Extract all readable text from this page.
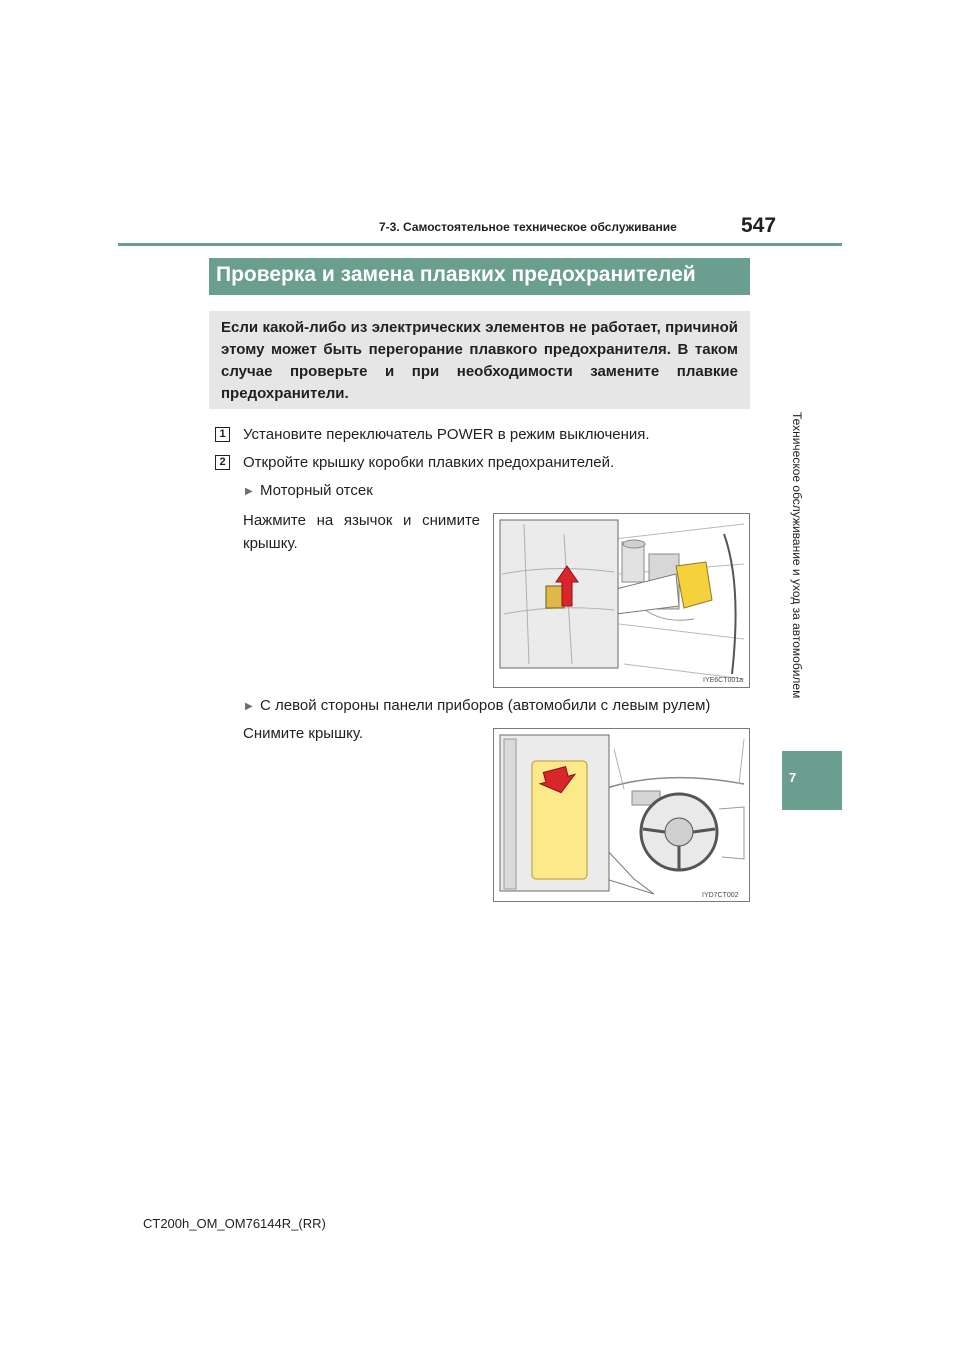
7-3. Самостоятельное техническое обслуживание	547
Техническое обслуживание и уход за автомобилем
7
Проверка и замена плавких предохранителей
Если какой-либо из электрических элементов не работает, причиной этому может быть перегорание плавкого предохранителя. В таком случае проверьте и при необходимости замените плавкие предохранители.
1 Установите переключатель POWER в режим выключения.
2 Откройте крышку коробки плавких предохранителей.
▶ Моторный отсек
Нажмите на язычок и снимите крышку.
IYE6CT001a
▶ С левой стороны панели приборов (автомобили с левым рулем)
Снимите крышку.
IYD7CT002
CT200h_OM_OM76144R_(RR)
